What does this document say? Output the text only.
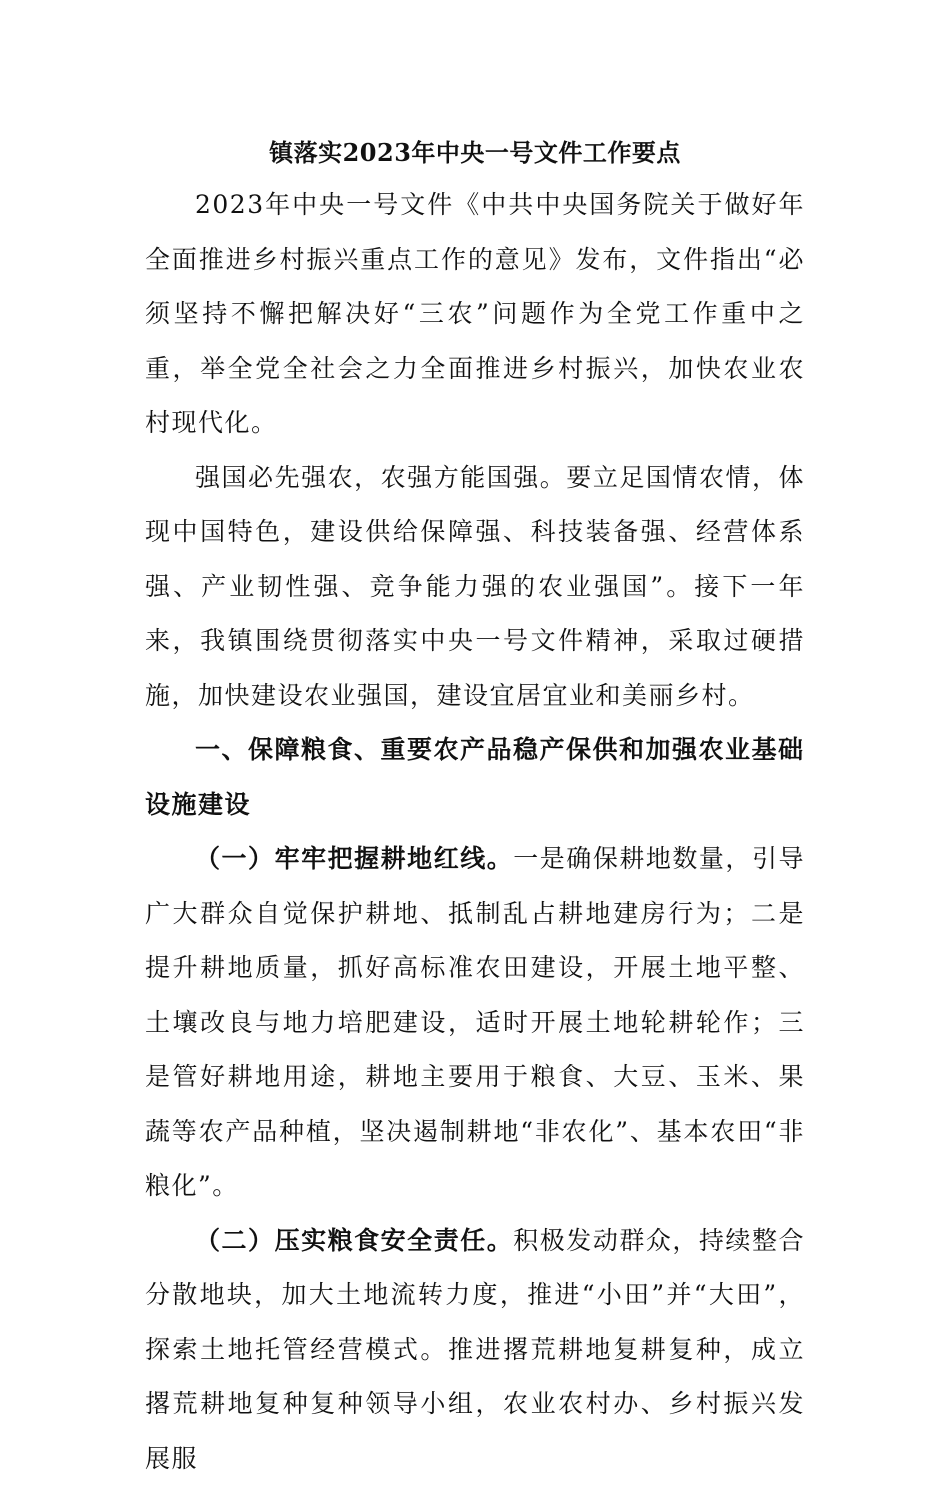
镇落实2023年中央一号文件工作要点

2023年中央一号文件《中共中央国务院关于做好年全面推进乡村振兴重点工作的意见》发布，文件指出“必须坚持不懈把解决好“三农”问题作为全党工作重中之重，举全党全社会之力全面推进乡村振兴，加快农业农村现代化。

强国必先强农，农强方能国强。要立足国情农情，体现中国特色，建设供给保障强、科技装备强、经营体系强、产业韧性强、竞争能力强的农业强国”。接下一年来，我镇围绕贯彻落实中央一号文件精神，采取过硬措施，加快建设农业强国，建设宜居宜业和美丽乡村。

一、保障粮食、重要农产品稳产保供和加强农业基础设施建设

（一）牢牢把握耕地红线。一是确保耕地数量，引导广大群众自觉保护耕地、抵制乱占耕地建房行为；二是提升耕地质量，抓好高标准农田建设，开展土地平整、土壤改良与地力培肥建设，适时开展土地轮耕轮作；三是管好耕地用途，耕地主要用于粮食、大豆、玉米、果蔬等农产品种植，坚决遏制耕地“非农化”、基本农田“非粮化”。

（二）压实粮食安全责任。积极发动群众，持续整合分散地块，加大土地流转力度，推进“小田”并“大田”，探索土地托管经营模式。推进撂荒耕地复耕复种，成立撂荒耕地复种复种领导小组，农业农村办、乡村振兴发展服
